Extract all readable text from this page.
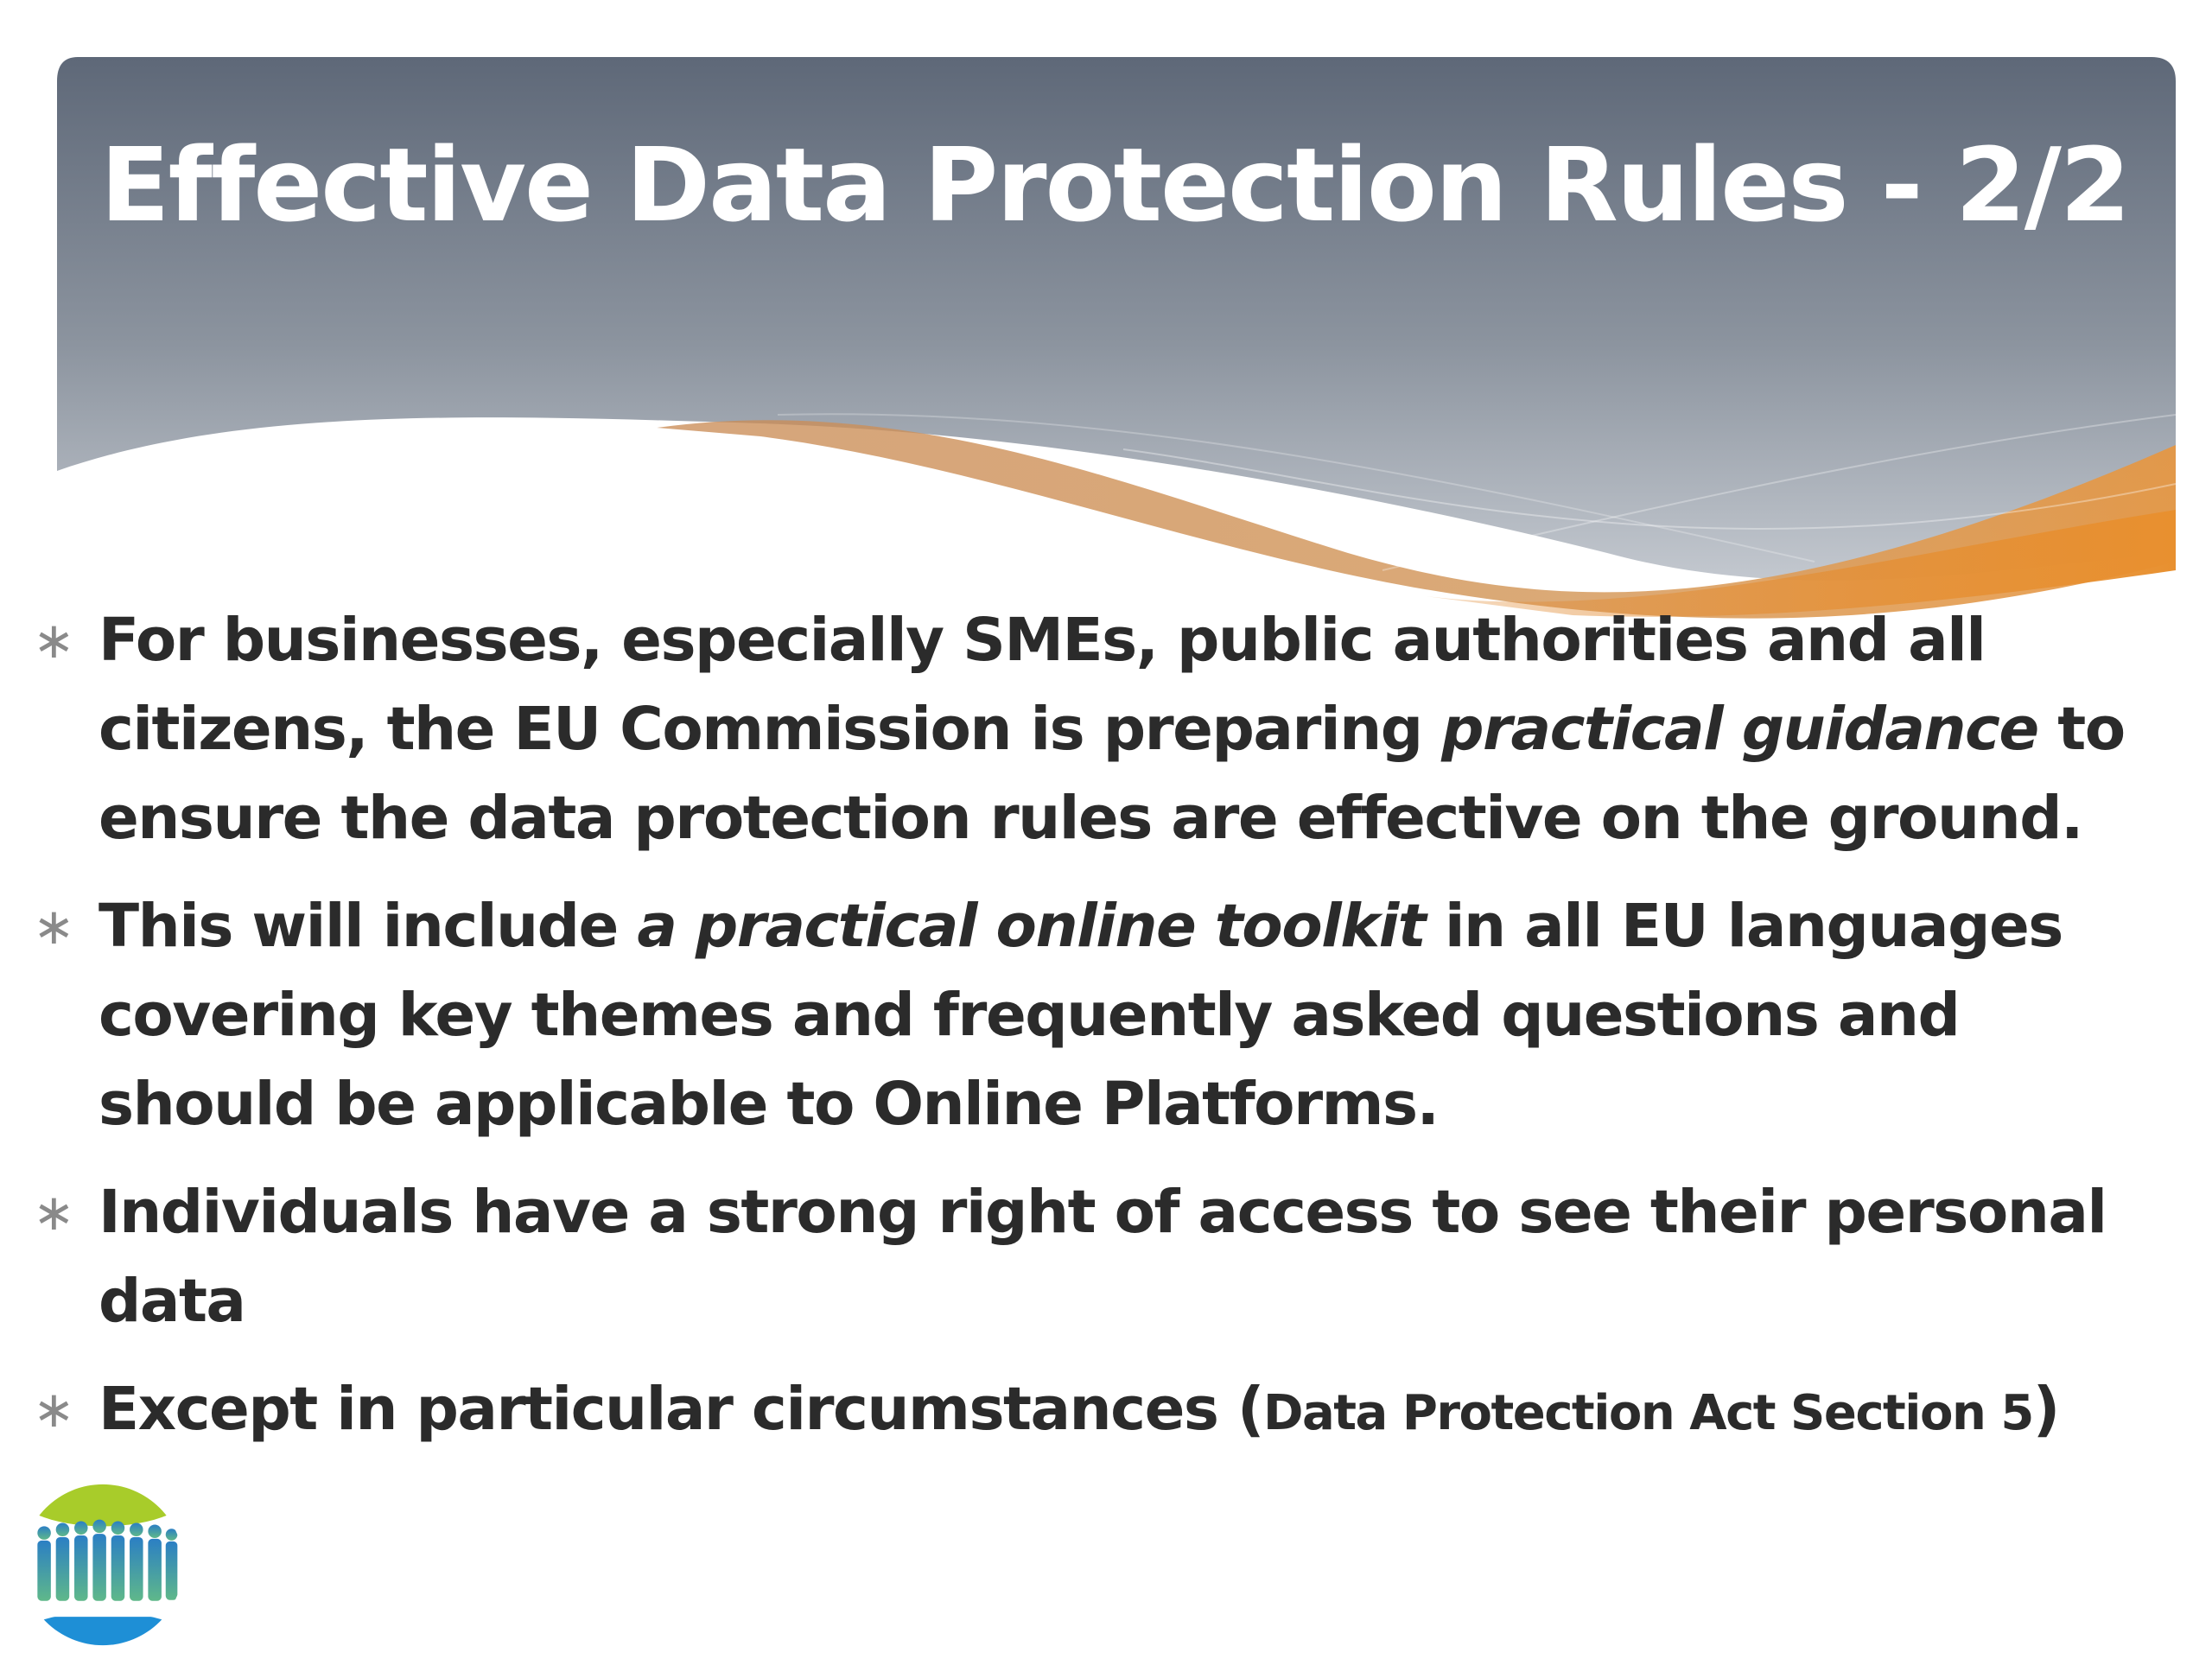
Effective Data Protection Rules - 2/2
∗ For businesses, especially SMEs, public authorities and all citizens, the EU Commission is preparing practical guidance to ensure the data protection rules are effective on the ground.
∗ This will include a practical online toolkit in all EU languages covering key themes and frequently asked questions and should be applicable to Online Platforms.
∗ Individuals have a strong right of access to see their personal data
∗ Except in particular circumstances (Data Protection Act Section 5)
